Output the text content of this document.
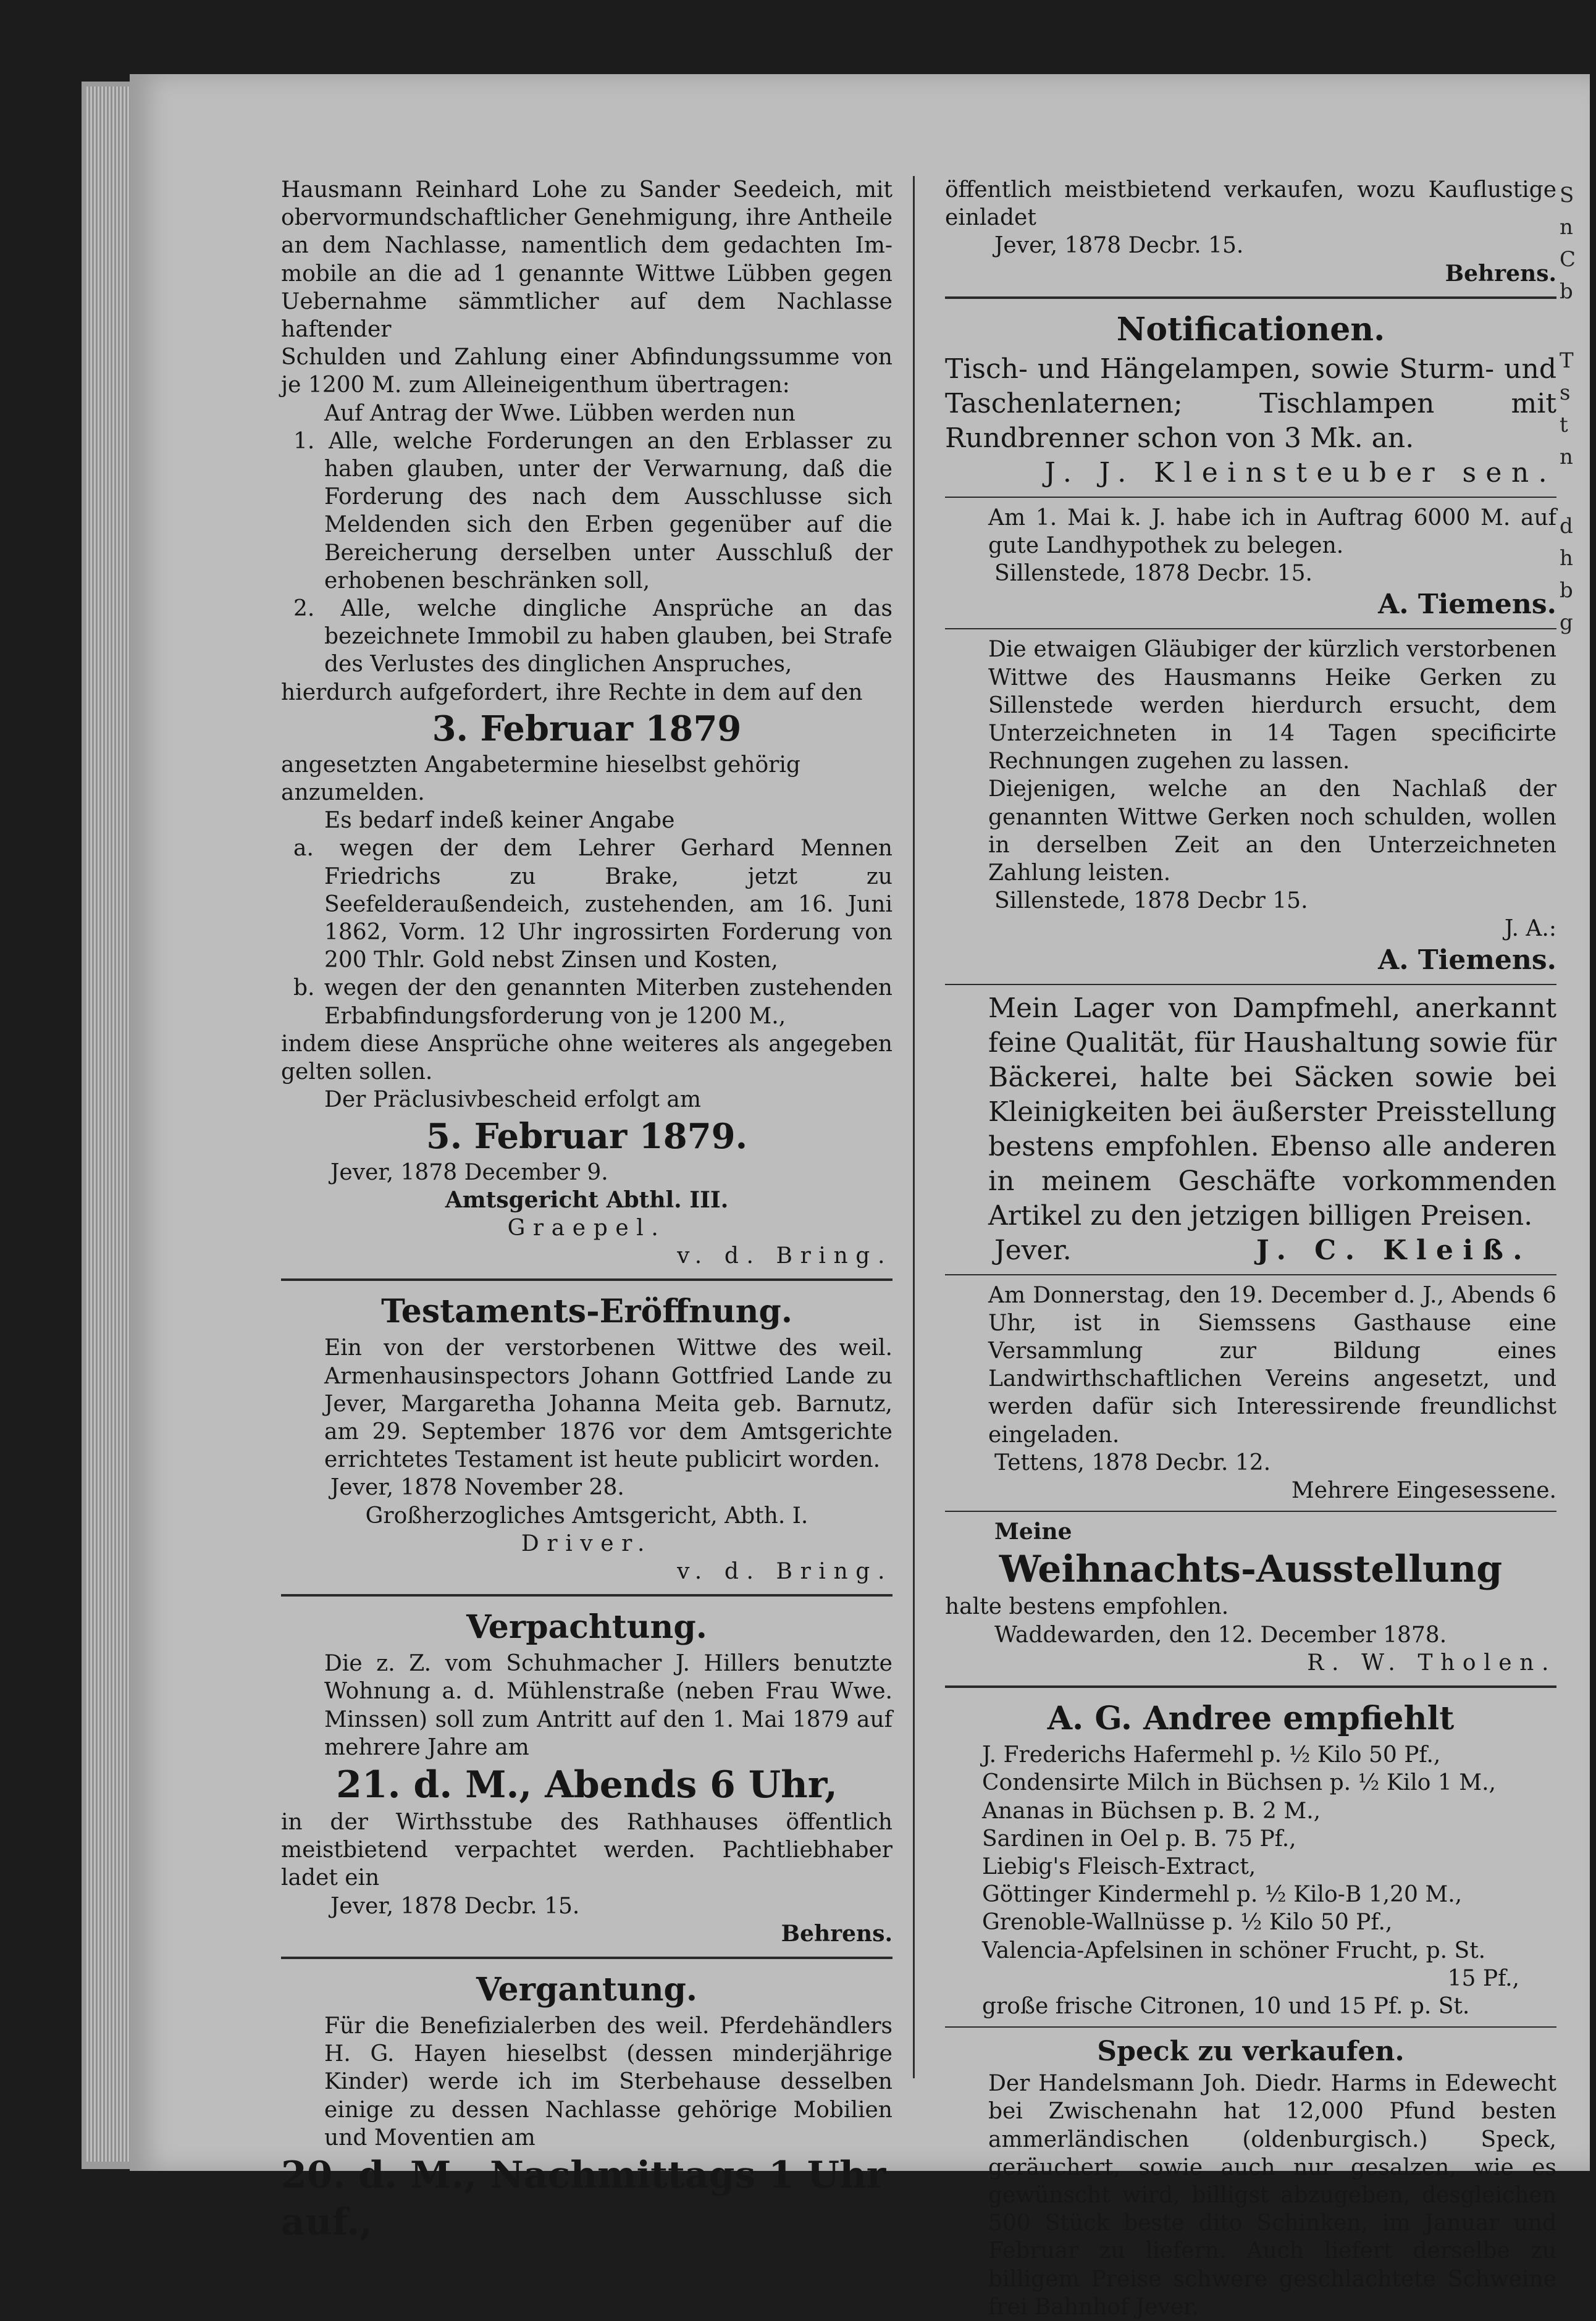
Hausmann Reinhard Lohe zu Sander Seedeich, mit

obervormundschaftlicher Genehmigung, ihre Antheile

an dem Nachlasse, namentlich dem gedachten Im-

mobile an die ad 1 genannte Wittwe Lübben gegen

Uebernahme sämmtlicher auf dem Nachlasse haftender

Schulden und Zahlung einer Abfindungssumme von

je 1200 M. zum Alleineigenthum übertragen:

Auf Antrag der Wwe. Lübben werden nun

1. Alle, welche Forderungen an den Erblasser zu haben glauben, unter der Verwarnung, daß die Forderung des nach dem Ausschlusse sich Meldenden sich den Erben gegenüber auf die Bereicherung derselben unter Ausschluß der erhobenen beschränken soll,

2. Alle, welche dingliche Ansprüche an das bezeichnete Immobil zu haben glauben, bei Strafe des Verlustes des dinglichen Anspruches,

hierdurch aufgefordert, ihre Rechte in dem auf den

3. Februar 1879

angesetzten Angabetermine hieselbst gehörig anzumelden.

Es bedarf indeß keiner Angabe

a. wegen der dem Lehrer Gerhard Mennen Friedrichs zu Brake, jetzt zu Seefelderaußendeich, zustehenden, am 16. Juni 1862, Vorm. 12 Uhr ingrossirten Forderung von 200 Thlr. Gold nebst Zinsen und Kosten,

b. wegen der den genannten Miterben zustehenden Erbabfindungsforderung von je 1200 M.,

indem diese Ansprüche ohne weiteres als angegeben gelten sollen.

Der Präclusivbescheid erfolgt am

5. Februar 1879.

Jever, 1878 December 9.

Amtsgericht Abthl. III.

Graepel.

v. d. Bring.

Testaments-Eröffnung.

Ein von der verstorbenen Wittwe des weil. Armenhausinspectors Johann Gottfried Lande zu Jever, Margaretha Johanna Meita geb. Barnutz, am 29. September 1876 vor dem Amtsgerichte errichtetes Testament ist heute publicirt worden.

Jever, 1878 November 28.

Großherzogliches Amtsgericht, Abth. I.

Driver.

v. d. Bring.

Verpachtung.

Die z. Z. vom Schuhmacher J. Hillers benutzte Wohnung a. d. Mühlenstraße (neben Frau Wwe. Minssen) soll zum Antritt auf den 1. Mai 1879 auf mehrere Jahre am

21. d. M., Abends 6 Uhr,

in der Wirthsstube des Rathhauses öffentlich meistbietend verpachtet werden. Pachtliebhaber ladet ein

Jever, 1878 Decbr. 15.

Behrens.

Vergantung.

Für die Benefizialerben des weil. Pferdehändlers H. G. Hayen hieselbst (dessen minderjährige Kinder) werde ich im Sterbehause desselben einige zu dessen Nachlasse gehörige Mobilien und Moventien am

20. d. M., Nachmittags 1 Uhr auf.,

öffentlich meistbietend verkaufen, wozu Kauflustige einladet

Jever, 1878 Decbr. 15.

Behrens.

Notificationen.

Tisch- und Hängelampen, sowie Sturm- und Taschenlaternen; Tischlampen mit Rundbrenner schon von 3 Mk. an.

J. J. Kleinsteuber sen.

Am 1. Mai k. J. habe ich in Auftrag 6000 M. auf gute Landhypothek zu belegen.

Sillenstede, 1878 Decbr. 15.

A. Tiemens.

Die etwaigen Gläubiger der kürzlich verstorbenen Wittwe des Hausmanns Heike Gerken zu Sillenstede werden hierdurch ersucht, dem Unterzeichneten in 14 Tagen specificirte Rechnungen zugehen zu lassen.

Diejenigen, welche an den Nachlaß der genannten Wittwe Gerken noch schulden, wollen in derselben Zeit an den Unterzeichneten Zahlung leisten.

Sillenstede, 1878 Decbr 15.

J. A.:

A. Tiemens.

Mein Lager von Dampfmehl, anerkannt feine Qualität, für Haushaltung sowie für Bäckerei, halte bei Säcken sowie bei Kleinigkeiten bei äußerster Preisstellung bestens empfohlen. Ebenso alle anderen in meinem Geschäfte vorkommenden Artikel zu den jetzigen billigen Preisen.

Jever.	J. C. Kleiß.

Am Donnerstag, den 19. December d. J., Abends 6 Uhr, ist in Siemssens Gasthause eine Versammlung zur Bildung eines Landwirthschaftlichen Vereins angesetzt, und werden dafür sich Interessirende freundlichst eingeladen.

Tettens, 1878 Decbr. 12.

Mehrere Eingesessene.

Meine

Weihnachts-Ausstellung

halte bestens empfohlen.

Waddewarden, den 12. December 1878.

R. W. Tholen.

A. G. Andree empfiehlt

J. Frederichs Hafermehl p. ½ Kilo 50 Pf.,

Condensirte Milch in Büchsen p. ½ Kilo 1 M.,

Ananas in Büchsen p. B. 2 M.,

Sardinen in Oel p. B. 75 Pf.,

Liebig's Fleisch-Extract,

Göttinger Kindermehl p. ½ Kilo-B 1,20 M.,

Grenoble-Wallnüsse p. ½ Kilo 50 Pf.,

Valencia-Apfelsinen in schöner Frucht, p. St.

15 Pf.,

große frische Citronen, 10 und 15 Pf. p. St.

Speck zu verkaufen.

Der Handelsmann Joh. Diedr. Harms in Edewecht bei Zwischenahn hat 12,000 Pfund besten ammerländischen (oldenburgisch.) Speck, geräuchert, sowie auch nur gesalzen, wie es gewünscht wird, billigst abzugeben, desgleichen 500 Stück beste dito Schinken, im Januar und Februar zu liefern. Auch liefert derselbe zu billigem Preise schwere geschlachtete Schweine frei Bahnhof Jever.

S

n

C

b

T

s

t

n

d

h

b

g
